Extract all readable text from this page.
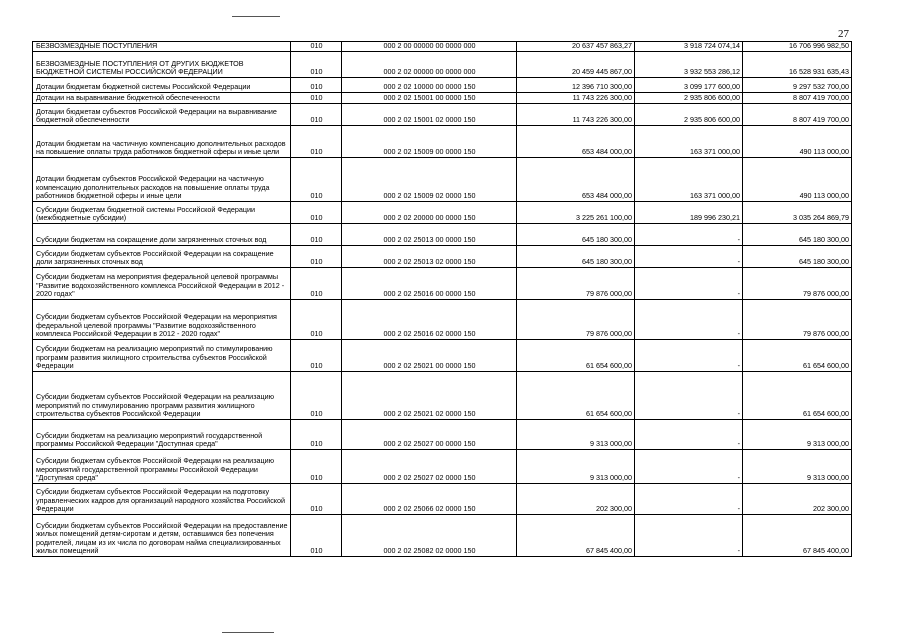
27
БЕЗВОЗМЕЗДНЫЕ ПОСТУПЛЕНИЯ	010	000 2 00 00000 00 0000 000	20 637 457 863,27	3 918 724 074,14	16 706 996 982,50
БЕЗВОЗМЕЗДНЫЕ ПОСТУПЛЕНИЯ ОТ ДРУГИХ БЮДЖЕТОВ БЮДЖЕТНОЙ СИСТЕМЫ РОССИЙСКОЙ ФЕДЕРАЦИИ	010	000 2 02 00000 00 0000 000	20 459 445 867,00	3 932 553 286,12	16 528 931 635,43
Дотации бюджетам бюджетной системы Российской Федерации	010	000 2 02 10000 00 0000 150	12 396 710 300,00	3 099 177 600,00	9 297 532 700,00
Дотации на выравнивание бюджетной обеспеченности	010	000 2 02 15001 00 0000 150	11 743 226 300,00	2 935 806 600,00	8 807 419 700,00
Дотации бюджетам субъектов Российской Федерации на выравнивание бюджетной обеспеченности	010	000 2 02 15001 02 0000 150	11 743 226 300,00	2 935 806 600,00	8 807 419 700,00
Дотации бюджетам на частичную компенсацию дополнительных расходов на повышение оплаты труда работников бюджетной сферы и иные цели	010	000 2 02 15009 00 0000 150	653 484 000,00	163 371 000,00	490 113 000,00
Дотации бюджетам субъектов Российской Федерации на частичную компенсацию дополнительных расходов на повышение оплаты труда работников бюджетной сферы и иные цели	010	000 2 02 15009 02 0000 150	653 484 000,00	163 371 000,00	490 113 000,00
Субсидии бюджетам бюджетной системы Российской Федерации (межбюджетные субсидии)	010	000 2 02 20000 00 0000 150	3 225 261 100,00	189 996 230,21	3 035 264 869,79
Субсидии бюджетам на сокращение доли загрязненных сточных вод	010	000 2 02 25013 00 0000 150	645 180 300,00	-	645 180 300,00
Субсидии бюджетам субъектов Российской Федерации на сокращение доли загрязненных сточных вод	010	000 2 02 25013 02 0000 150	645 180 300,00	-	645 180 300,00
Субсидии бюджетам на мероприятия федеральной целевой программы "Развитие водохозяйственного комплекса Российской Федерации в 2012 - 2020 годах"	010	000 2 02 25016 00 0000 150	79 876 000,00	-	79 876 000,00
Субсидии бюджетам субъектов Российской Федерации на мероприятия федеральной целевой программы "Развитие водохозяйственного комплекса Российской Федерации в 2012 - 2020 годах"	010	000 2 02 25016 02 0000 150	79 876 000,00	-	79 876 000,00
Субсидии бюджетам на реализацию мероприятий по стимулированию программ развития жилищного строительства субъектов Российской Федерации	010	000 2 02 25021 00 0000 150	61 654 600,00	-	61 654 600,00
Субсидии бюджетам субъектов Российской Федерации на реализацию мероприятий по стимулированию программ развития жилищного строительства субъектов Российской Федерации	010	000 2 02 25021 02 0000 150	61 654 600,00	-	61 654 600,00
Субсидии бюджетам на реализацию мероприятий государственной программы Российской Федерации "Доступная среда"	010	000 2 02 25027 00 0000 150	9 313 000,00	-	9 313 000,00
Субсидии бюджетам субъектов Российской Федерации на реализацию мероприятий государственной программы Российской Федерации "Доступная среда"	010	000 2 02 25027 02 0000 150	9 313 000,00	-	9 313 000,00
Субсидии бюджетам субъектов Российской Федерации на подготовку управленческих кадров для организаций народного хозяйства Российской Федерации	010	000 2 02 25066 02 0000 150	202 300,00	-	202 300,00
Субсидии бюджетам субъектов Российской Федерации на предоставление жилых помещений детям-сиротам и детям, оставшимся без попечения родителей, лицам из их числа по договорам найма специализированных жилых помещений	010	000 2 02 25082 02 0000 150	67 845 400,00	-	67 845 400,00
